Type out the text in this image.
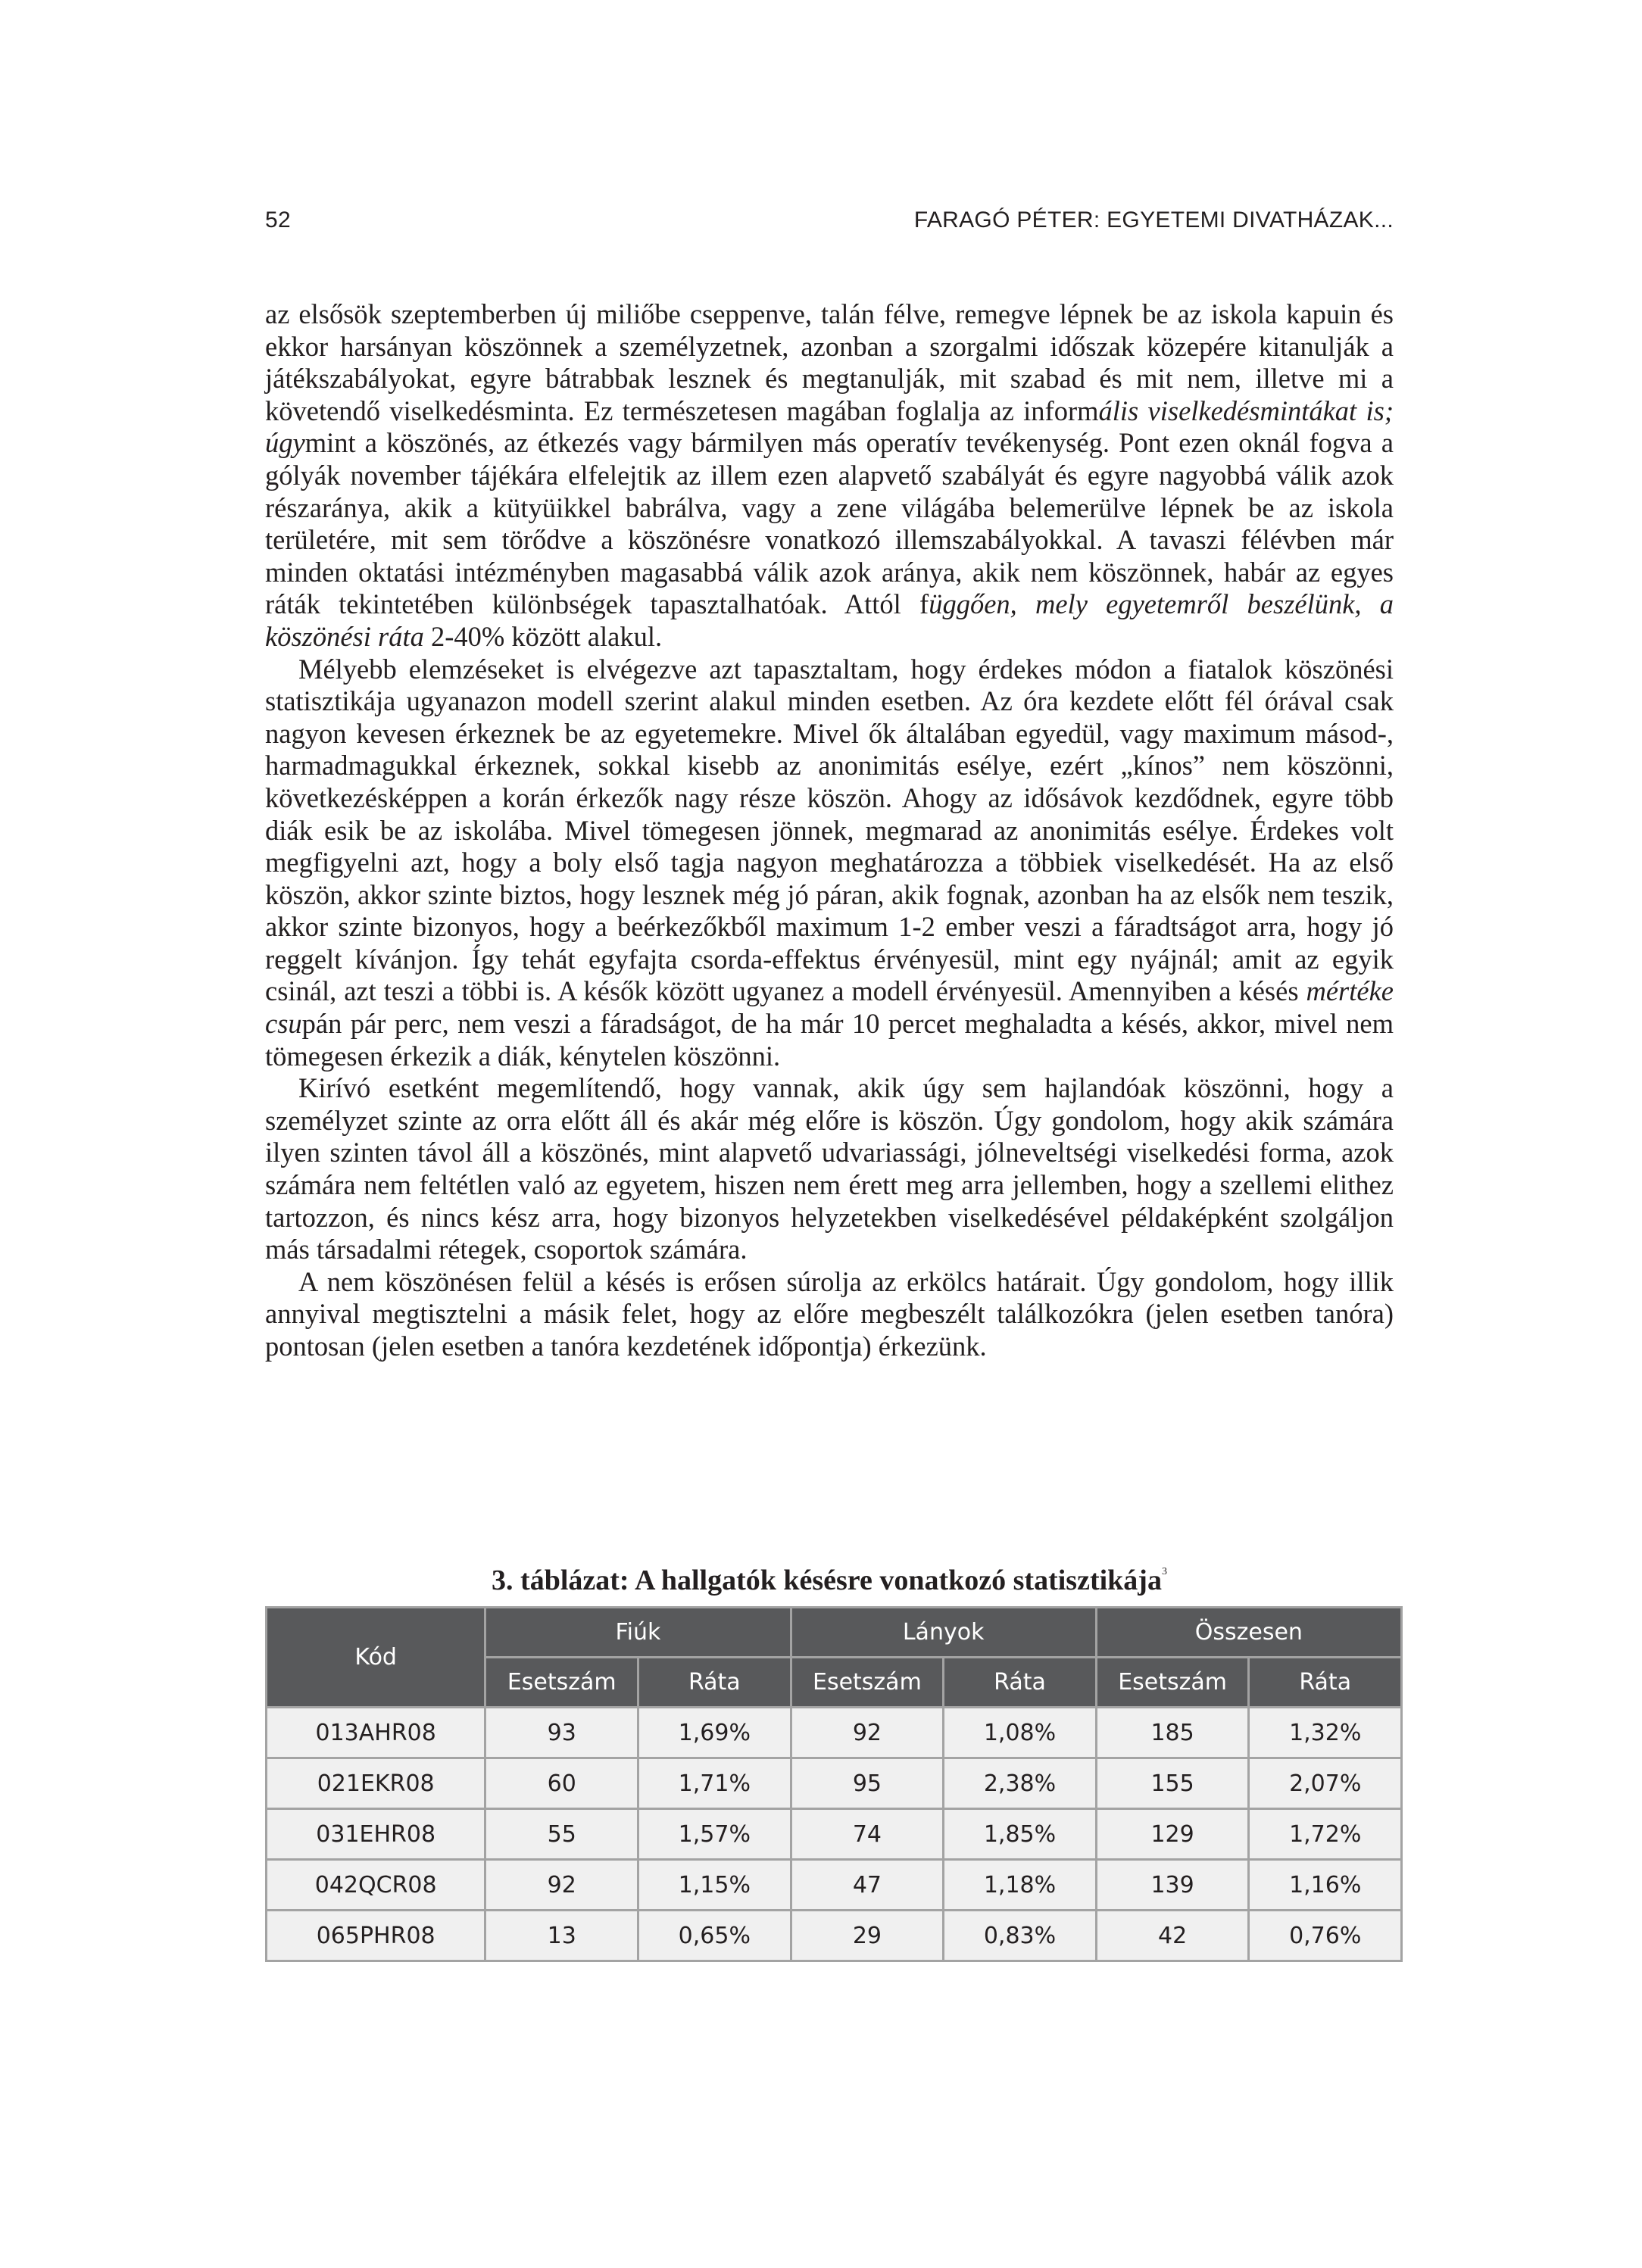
52	FARAGÓ PÉTER: EGYETEMI DIVATHÁZAK...

az elsősök szeptemberben új miliőbe cseppenve, talán félve, remegve lépnek be az iskola kapuin és ekkor harsányan köszönnek a személyzetnek, azonban a szorgalmi időszak közepére kitanulják a játékszabályokat, egyre bátrabbak lesznek és megtanulják, mit szabad és mit nem, illetve mi a követendő viselkedésminta. Ez természetesen magában foglalja az informális viselkedésmintákat is; úgymint a köszönés, az étkezés vagy bármilyen más operatív tevékenység. Pont ezen oknál fogva a gólyák november tájékára elfelejtik az illem ezen alapvető szabályát és egyre nagyobbá válik azok részaránya, akik a kütyüikkel babrálva, vagy a zene világába belemerülve lépnek be az iskola területére, mit sem törődve a köszönésre vonatkozó illemszabályokkal. A tavaszi félévben már minden oktatási intézményben magasabbá válik azok aránya, akik nem köszönnek, habár az egyes ráták tekintetében különbségek tapasztalhatóak. Attól függően, mely egyetemről beszélünk, a köszönési ráta 2-40% között alakul.

Mélyebb elemzéseket is elvégezve azt tapasztaltam, hogy érdekes módon a fiatalok köszönési statisztikája ugyanazon modell szerint alakul minden esetben. Az óra kezdete előtt fél órával csak nagyon kevesen érkeznek be az egyetemekre. Mivel ők általában egyedül, vagy maximum másod-, harmadmagukkal érkeznek, sokkal kisebb az anonimitás esélye, ezért „kínos” nem köszönni, következésképpen a korán érkezők nagy része köszön. Ahogy az idősávok kezdődnek, egyre több diák esik be az iskolába. Mivel tömegesen jönnek, megmarad az anonimitás esélye. Érdekes volt megfigyelni azt, hogy a boly első tagja nagyon meghatározza a többiek viselkedését. Ha az első köszön, akkor szinte biztos, hogy lesznek még jó páran, akik fognak, azonban ha az elsők nem teszik, akkor szinte bizonyos, hogy a beérkezőkből maximum 1-2 ember veszi a fáradtságot arra, hogy jó reggelt kívánjon. Így tehát egyfajta csorda-effektus érvényesül, mint egy nyájnál; amit az egyik csinál, azt teszi a többi is. A késők között ugyanez a modell érvényesül. Amennyiben a késés mértéke csupán pár perc, nem veszi a fáradságot, de ha már 10 percet meghaladta a késés, akkor, mivel nem tömegesen érkezik a diák, kénytelen köszönni.

Kirívó esetként megemlítendő, hogy vannak, akik úgy sem hajlandóak köszönni, hogy a személyzet szinte az orra előtt áll és akár még előre is köszön. Úgy gondolom, hogy akik számára ilyen szinten távol áll a köszönés, mint alapvető udvariassági, jólneveltségi viselkedési forma, azok számára nem feltétlen való az egyetem, hiszen nem érett meg arra jellemben, hogy a szellemi elithez tartozzon, és nincs kész arra, hogy bizonyos helyzetekben viselkedésével példaképként szolgáljon más társadalmi rétegek, csoportok számára.

A nem köszönésen felül a késés is erősen súrolja az erkölcs határait. Úgy gondolom, hogy illik annyival megtisztelni a másik felet, hogy az előre megbeszélt találkozókra (jelen esetben tanóra) pontosan (jelen esetben a tanóra kezdetének időpontja) érkezünk.

3. táblázat: A hallgatók késésre vonatkozó statisztikája$^3$
Kód	Fiúk		Lányok		Összesen	
	Esetszám	Ráta	Esetszám	Ráta	Esetszám	Ráta
013AHR08	93	1,69%	92	1,08%	185	1,32%
021EKR08	60	1,71%	95	2,38%	155	2,07%
031EHR08	55	1,57%	74	1,85%	129	1,72%
042QCR08	92	1,15%	47	1,18%	139	1,16%
065PHR08	13	0,65%	29	0,83%	42	0,76%
